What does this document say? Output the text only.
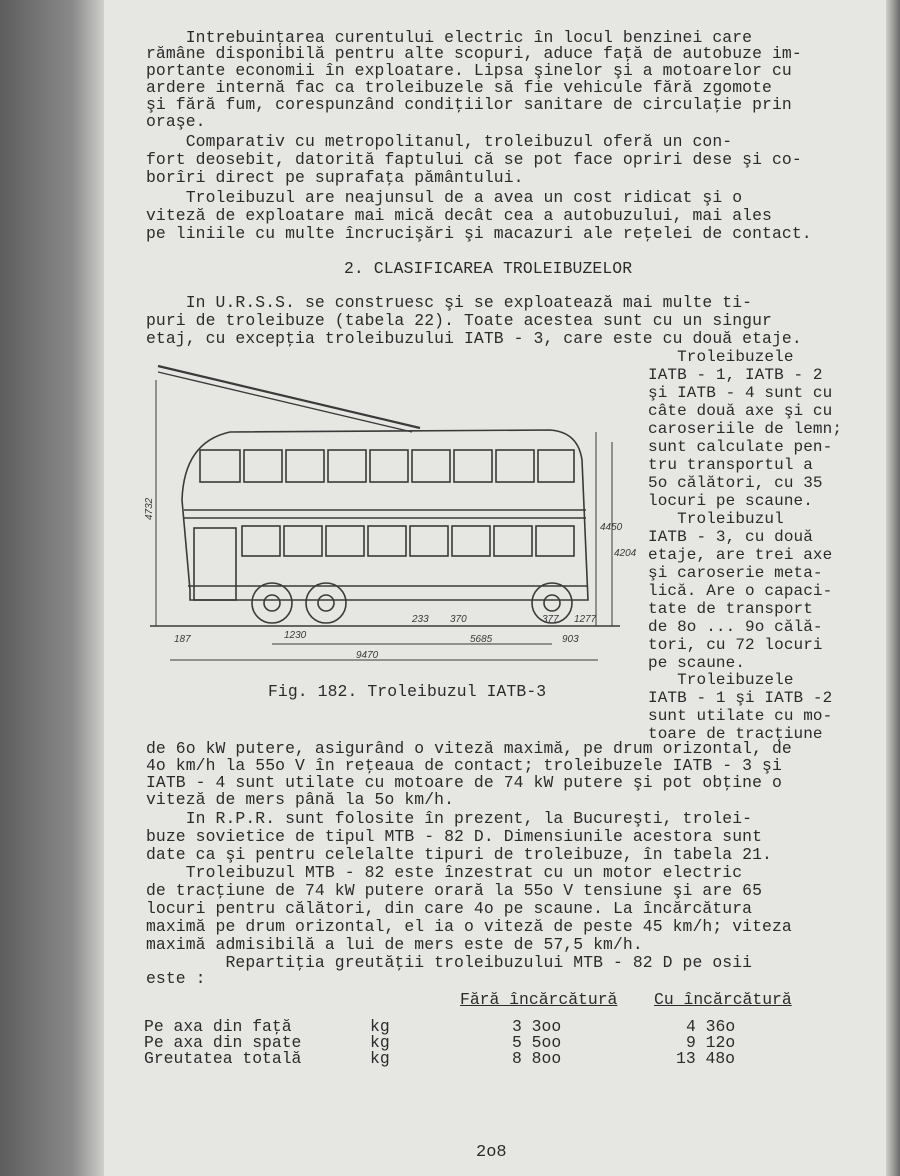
Intrebuinţarea curentului electric în locul benzinei care

rămâne disponibilă pentru alte scopuri, aduce faţă de autobuze im-

portante economii în exploatare. Lipsa şinelor şi a motoarelor cu

ardere internă fac ca troleibuzele să fie vehicule fără zgomote

şi fără fum, corespunzând condiţiilor sanitare de circulaţie prin

oraşe.

Comparativ cu metropolitanul, troleibuzul oferă un con-

fort deosebit, datorită faptului că se pot face opriri dese şi co-

borîri direct pe suprafaţa pământului.

Troleibuzul are neajunsul de a avea un cost ridicat şi o

viteză de exploatare mai mică decât cea a autobuzului, mai ales

pe liniile cu multe încrucişări şi macazuri ale reţelei de contact.

2. CLASIFICAREA TROLEIBUZELOR

In U.R.S.S. se construesc şi se exploatează mai multe ti-

puri de troleibuze (tabela 22). Toate acestea sunt cu un singur

etaj, cu excepţia troleibuzului IATB - 3, care este cu două etaje.

Troleibuzele

IATB - 1, IATB - 2

şi IATB - 4 sunt cu

câte două axe şi cu

caroseriile de lemn;

sunt calculate pen-

tru transportul a

5o călători, cu 35

locuri pe scaune.

Troleibuzul

IATB - 3, cu două

etaje, are trei axe

şi caroserie meta-

lică. Are o capaci-

tate de transport

de 8o ... 9o călă-

tori, cu 72 locuri

pe scaune.

Troleibuzele

IATB - 1 şi IATB -2

sunt utilate cu mo-

toare de tracţiune

4732
4450
4204
9470
5685
1230	903
1277
233 370	377
187

Fig. 182. Troleibuzul IATB-3

de 6o kW putere, asigurând o viteză maximă, pe drum orizontal, de

4o km/h la 55o V în reţeaua de contact; troleibuzele IATB - 3 şi

IATB - 4 sunt utilate cu motoare de 74 kW putere şi pot obţine o

viteză de mers până la 5o km/h.

In R.P.R. sunt folosite în prezent, la Bucureşti, trolei-

buze sovietice de tipul MTB - 82 D. Dimensiunile acestora sunt

date ca şi pentru celelalte tipuri de troleibuze, în tabela 21.

Troleibuzul MTB - 82 este înzestrat cu un motor electric

de tracţiune de 74 kW putere orară la 55o V tensiune şi are 65

locuri pentru călători, din care 4o pe scaune. La încărcătura

maximă pe drum orizontal, el ia o viteză de peste 45 km/h; viteza

maximă admisibilă a lui de mers este de 57,5 km/h.

Repartiţia greutăţii troleibuzului MTB - 82 D pe osii

este :

Fără încărcătură

Cu încărcătură

Pe axa din faţă	kg	3 3oo	4 36o
Pe axa din spate	kg	5 5oo	9 12o
Greutatea totală	kg	8 8oo	13 48o
2o8
